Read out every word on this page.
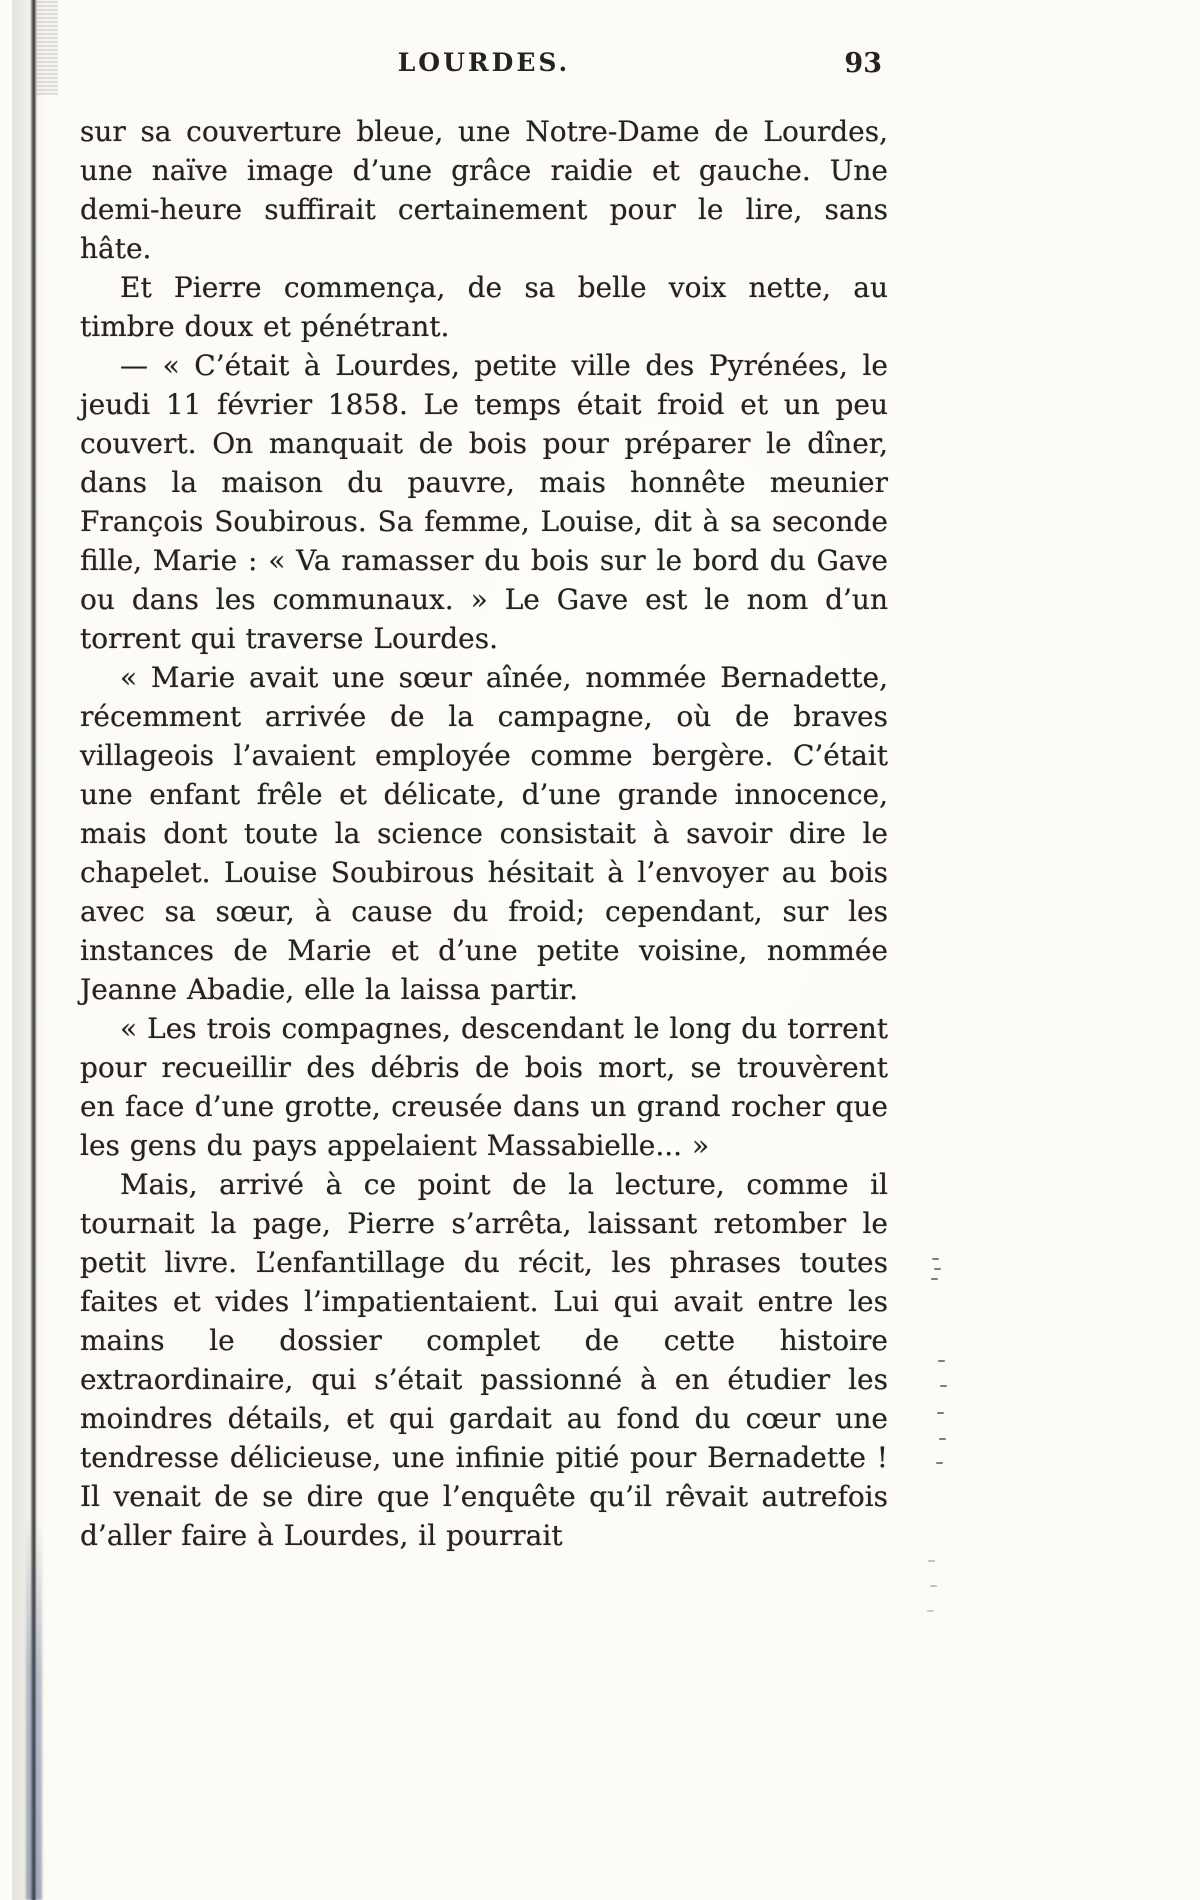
LOURDES.	93

sur sa couverture bleue, une Notre-Dame de Lourdes, une naïve image d’une grâce raidie et gauche. Une demi-heure suffirait certainement pour le lire, sans hâte.

Et Pierre commença, de sa belle voix nette, au timbre doux et pénétrant.

— « C’était à Lourdes, petite ville des Pyrénées, le jeudi 11 février 1858. Le temps était froid et un peu couvert. On manquait de bois pour préparer le dîner, dans la maison du pauvre, mais honnête meunier François Soubirous. Sa femme, Louise, dit à sa seconde fille, Marie : « Va ramasser du bois sur le bord du Gave ou dans les communaux. » Le Gave est le nom d’un torrent qui traverse Lourdes.

« Marie avait une sœur aînée, nommée Bernadette, récemment arrivée de la campagne, où de braves villageois l’avaient employée comme bergère. C’était une enfant frêle et délicate, d’une grande innocence, mais dont toute la science consistait à savoir dire le chapelet. Louise Soubirous hésitait à l’envoyer au bois avec sa sœur, à cause du froid; cependant, sur les instances de Marie et d’une petite voisine, nommée Jeanne Abadie, elle la laissa partir.

« Les trois compagnes, descendant le long du torrent pour recueillir des débris de bois mort, se trouvèrent en face d’une grotte, creusée dans un grand rocher que les gens du pays appelaient Massabielle... »

Mais, arrivé à ce point de la lecture, comme il tournait la page, Pierre s’arrêta, laissant retomber le petit livre. L’enfantillage du récit, les phrases toutes faites et vides l’impatientaient. Lui qui avait entre les mains le dossier complet de cette histoire extraordinaire, qui s’était passionné à en étudier les moindres détails, et qui gardait au fond du cœur une tendresse délicieuse, une infinie pitié pour Bernadette ! Il venait de se dire que l’enquête qu’il rêvait autrefois d’aller faire à Lourdes, il pourrait
